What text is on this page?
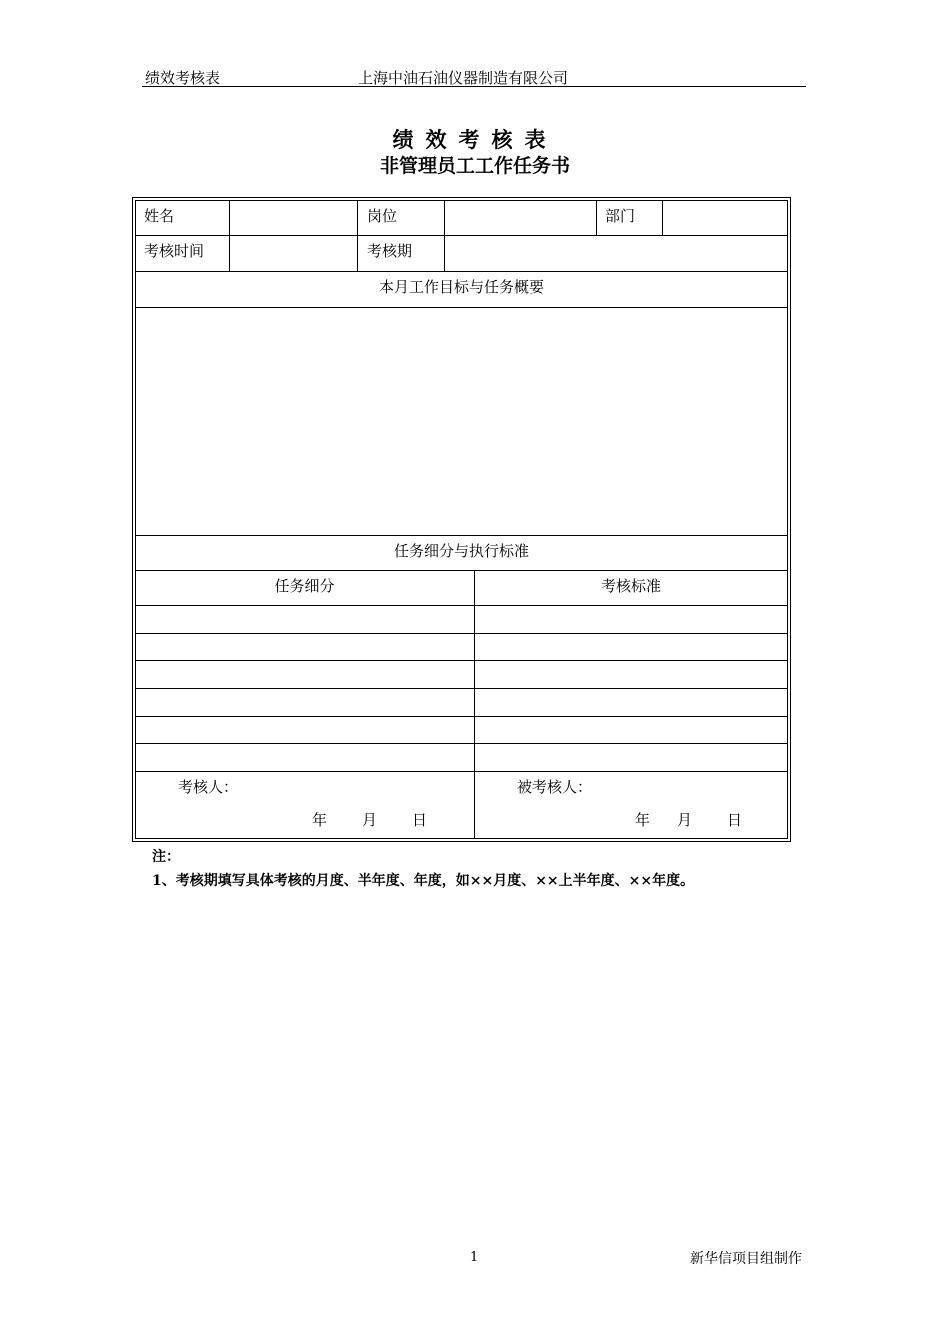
绩效考核表	上海中油石油仪器制造有限公司
绩效考核表
非管理员工工作任务书
姓名	岗位	部门
考核时间	考核期
本月工作目标与任务概要
任务细分与执行标准
任务细分	考核标准
考核人：
年 月 日
被考核人：
年 月 日
注：
1、考核期填写具体考核的月度、半年度、年度，如××月度、××上半年度、××年度。
1	新华信项目组制作
